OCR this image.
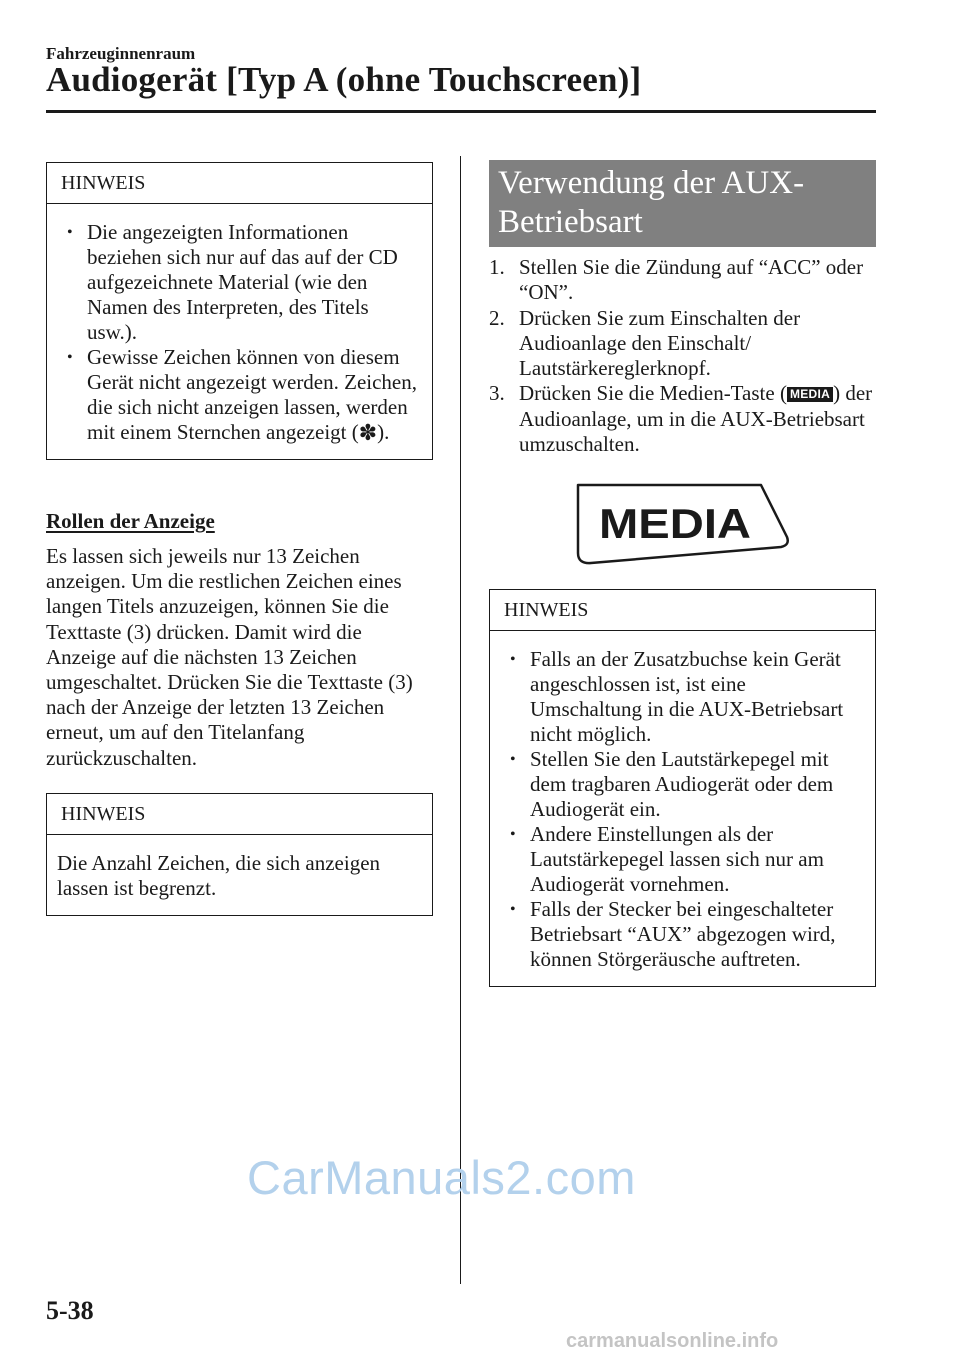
Fahrzeuginnenraum
Audiogerät [Typ A (ohne Touchscreen)]
HINWEIS
• Die angezeigten Informationen beziehen sich nur auf das auf der CD aufgezeichnete Material (wie den Namen des Interpreten, des Titels usw.).
• Gewisse Zeichen können von diesem Gerät nicht angezeigt werden. Zeichen, die sich nicht anzeigen lassen, werden mit einem Sternchen angezeigt (✽).
Rollen der Anzeige

Es lassen sich jeweils nur 13 Zeichen anzeigen. Um die restlichen Zeichen eines langen Titels anzuzeigen, können Sie die Texttaste (3) drücken. Damit wird die Anzeige auf die nächsten 13 Zeichen umgeschaltet. Drücken Sie die Texttaste (3) nach der Anzeige der letzten 13 Zeichen erneut, um auf den Titelanfang zurückzuschalten.

HINWEIS
Die Anzahl Zeichen, die sich anzeigen lassen ist begrenzt.
Verwendung der AUX-Betriebsart
1. Stellen Sie die Zündung auf “ACC” oder “ON”.
2. Drücken Sie zum Einschalten der Audioanlage den Einschalt/ Lautstärkereglerknopf.
3. Drücken Sie die Medien-Taste ( MEDIA ) der Audioanlage, um in die AUX-Betriebsart umzuschalten.
MEDIA
HINWEIS
• Falls an der Zusatzbuchse kein Gerät angeschlossen ist, ist eine Umschaltung in die AUX-Betriebsart nicht möglich.
• Stellen Sie den Lautstärkepegel mit dem tragbaren Audiogerät oder dem Audiogerät ein.
• Andere Einstellungen als der Lautstärkepegel lassen sich nur am Audiogerät vornehmen.
• Falls der Stecker bei eingeschalteter Betriebsart “AUX” abgezogen wird, können Störgeräusche auftreten.
5-38
CarManuals2.com
carmanualsonline.info
